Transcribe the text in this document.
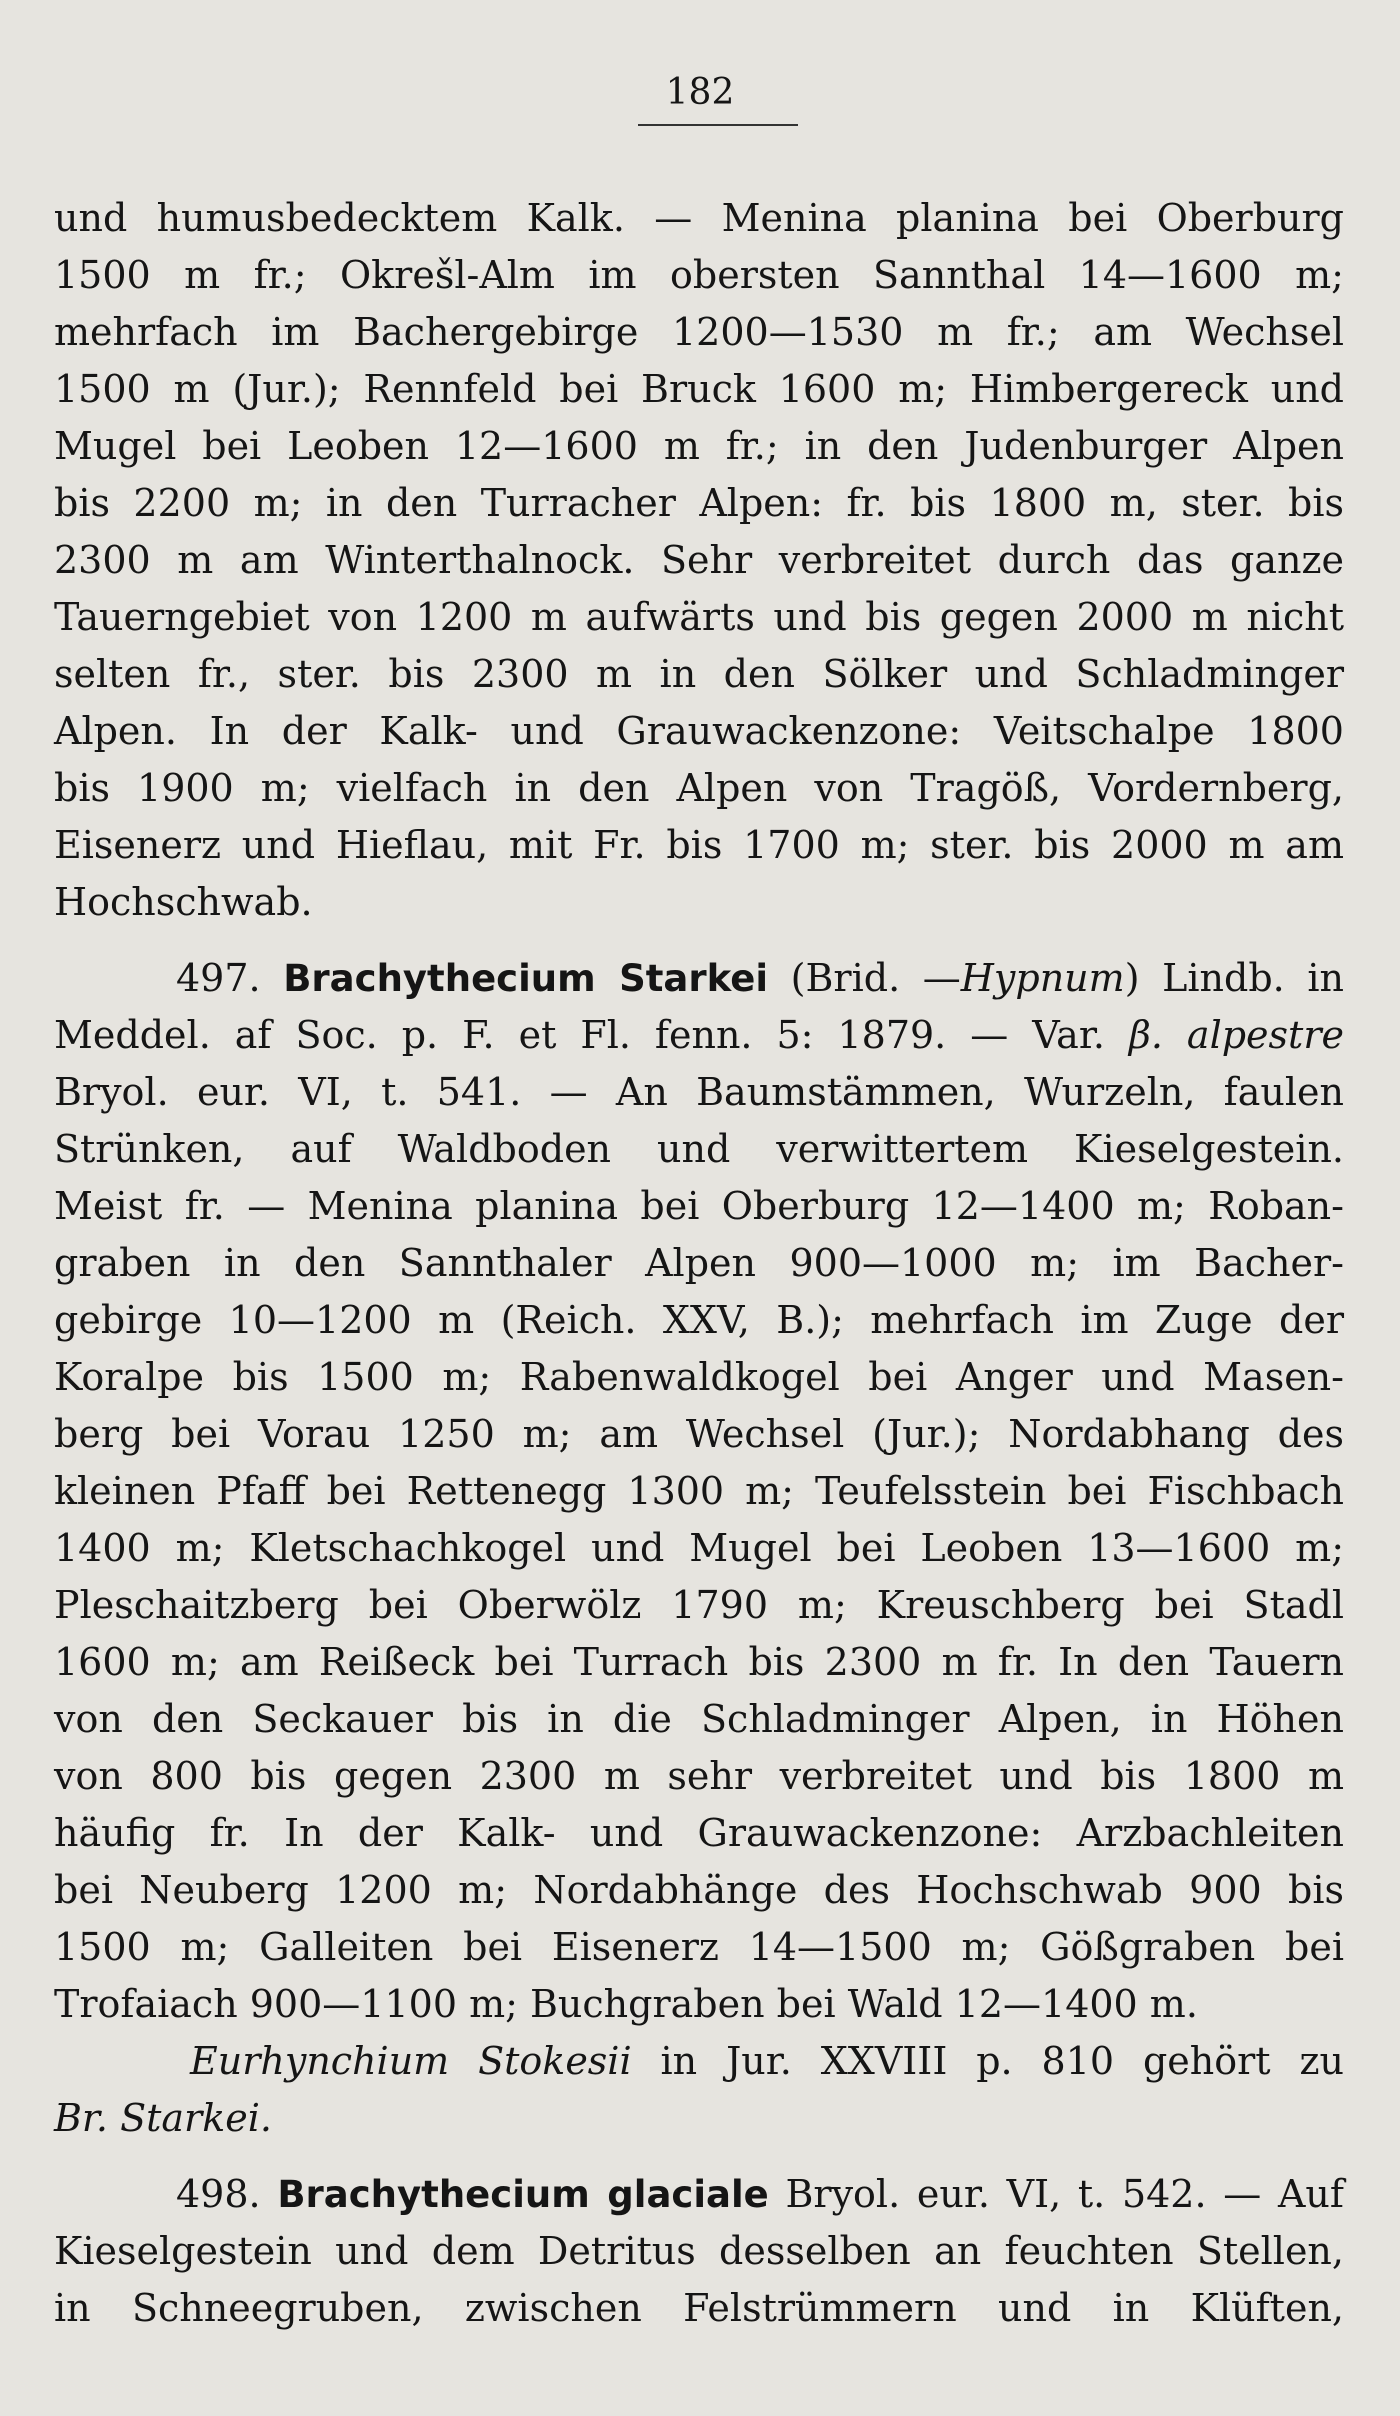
182
und humusbedecktem Kalk. — Menina planina bei Oberburg
1500 m fr.; Okrešl-Alm im obersten Sannthal 14—1600 m;
mehrfach im Bachergebirge 1200—1530 m fr.; am Wechsel
1500 m (Jur.); Rennfeld bei Bruck 1600 m; Himbergereck und
Mugel bei Leoben 12—1600 m fr.; in den Judenburger Alpen
bis 2200 m; in den Turracher Alpen: fr. bis 1800 m, ster. bis
2300 m am Winterthalnock. Sehr verbreitet durch das ganze
Tauerngebiet von 1200 m aufwärts und bis gegen 2000 m nicht
selten fr., ster. bis 2300 m in den Sölker und Schladminger
Alpen. In der Kalk- und Grauwackenzone: Veitschalpe 1800
bis 1900 m; vielfach in den Alpen von Tragöß, Vordernberg,
Eisenerz und Hieflau, mit Fr. bis 1700 m; ster. bis 2000 m am
Hochschwab.
497. Brachythecium Starkei (Brid. —Hypnum) Lindb. in
Meddel. af Soc. p. F. et Fl. fenn. 5: 1879. — Var. β. alpestre
Bryol. eur. VI, t. 541. — An Baumstämmen, Wurzeln, faulen
Strünken, auf Waldboden und verwittertem Kieselgestein.
Meist fr. — Menina planina bei Oberburg 12—1400 m; Roban-
graben in den Sannthaler Alpen 900—1000 m; im Bacher-
gebirge 10—1200 m (Reich. XXV, B.); mehrfach im Zuge der
Koralpe bis 1500 m; Rabenwaldkogel bei Anger und Masen-
berg bei Vorau 1250 m; am Wechsel (Jur.); Nordabhang des
kleinen Pfaff bei Rettenegg 1300 m; Teufelsstein bei Fischbach
1400 m; Kletschachkogel und Mugel bei Leoben 13—1600 m;
Pleschaitzberg bei Oberwölz 1790 m; Kreuschberg bei Stadl
1600 m; am Reißeck bei Turrach bis 2300 m fr. In den Tauern
von den Seckauer bis in die Schladminger Alpen, in Höhen
von 800 bis gegen 2300 m sehr verbreitet und bis 1800 m
häufig fr. In der Kalk- und Grauwackenzone: Arzbachleiten
bei Neuberg 1200 m; Nordabhänge des Hochschwab 900 bis
1500 m; Galleiten bei Eisenerz 14—1500 m; Gößgraben bei
Trofaiach 900—1100 m; Buchgraben bei Wald 12—1400 m.
Eurhynchium Stokesii in Jur. XXVIII p. 810 gehört zu
Br. Starkei.
498. Brachythecium glaciale Bryol. eur. VI, t. 542. — Auf
Kieselgestein und dem Detritus desselben an feuchten Stellen,
in Schneegruben, zwischen Felstrümmern und in Klüften,
